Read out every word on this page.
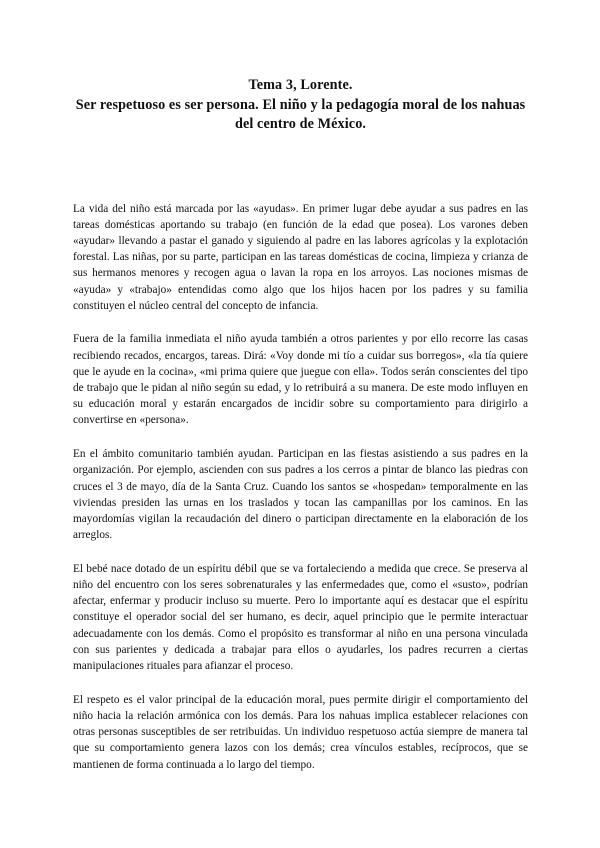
Tema 3, Lorente.

Ser respetuoso es ser persona. El niño y la pedagogía moral de los nahuas del centro de México.

La vida del niño está marcada por las «ayudas». En primer lugar debe ayudar a sus padres en las tareas domésticas aportando su trabajo (en función de la edad que posea). Los varones deben «ayudar» llevando a pastar el ganado y siguiendo al padre en las labores agrícolas y la explotación forestal. Las niñas, por su parte, participan en las tareas domésticas de cocina, limpieza y crianza de sus hermanos menores y recogen agua o lavan la ropa en los arroyos. Las nociones mismas de «ayuda» y «trabajo» entendidas como algo que los hijos hacen por los padres y su familia constituyen el núcleo central del concepto de infancia.

Fuera de la familia inmediata el niño ayuda también a otros parientes y por ello recorre las casas recibiendo recados, encargos, tareas. Dirá: «Voy donde mi tío a cuidar sus borregos», «la tía quiere que le ayude en la cocina», «mi prima quiere que juegue con ella». Todos serán conscientes del tipo de trabajo que le pidan al niño según su edad, y lo retribuirá a su manera. De este modo influyen en su educación moral y estarán encargados de incidir sobre su comportamiento para dirigirlo a convertirse en «persona».

En el ámbito comunitario también ayudan. Participan en las fiestas asistiendo a sus padres en la organización. Por ejemplo, ascienden con sus padres a los cerros a pintar de blanco las piedras con cruces el 3 de mayo, día de la Santa Cruz. Cuando los santos se «hospedan» temporalmente en las viviendas presiden las urnas en los traslados y tocan las campanillas por los caminos. En las mayordomías vigilan la recaudación del dinero o participan directamente en la elaboración de los arreglos.

El bebé nace dotado de un espíritu débil que se va fortaleciendo a medida que crece. Se preserva al niño del encuentro con los seres sobrenaturales y las enfermedades que, como el «susto», podrían afectar, enfermar y producir incluso su muerte. Pero lo importante aquí es destacar que el espíritu constituye el operador social del ser humano, es decir, aquel principio que le permite interactuar adecuadamente con los demás. Como el propósito es transformar al niño en una persona vinculada con sus parientes y dedicada a trabajar para ellos o ayudarles, los padres recurren a ciertas manipulaciones rituales para afianzar el proceso.

El respeto es el valor principal de la educación moral, pues permite dirigir el comportamiento del niño hacia la relación armónica con los demás. Para los nahuas implica establecer relaciones con otras personas susceptibles de ser retribuidas. Un individuo respetuoso actúa siempre de manera tal que su comportamiento genera lazos con los demás; crea vínculos estables, recíprocos, que se mantienen de forma continuada a lo largo del tiempo.
